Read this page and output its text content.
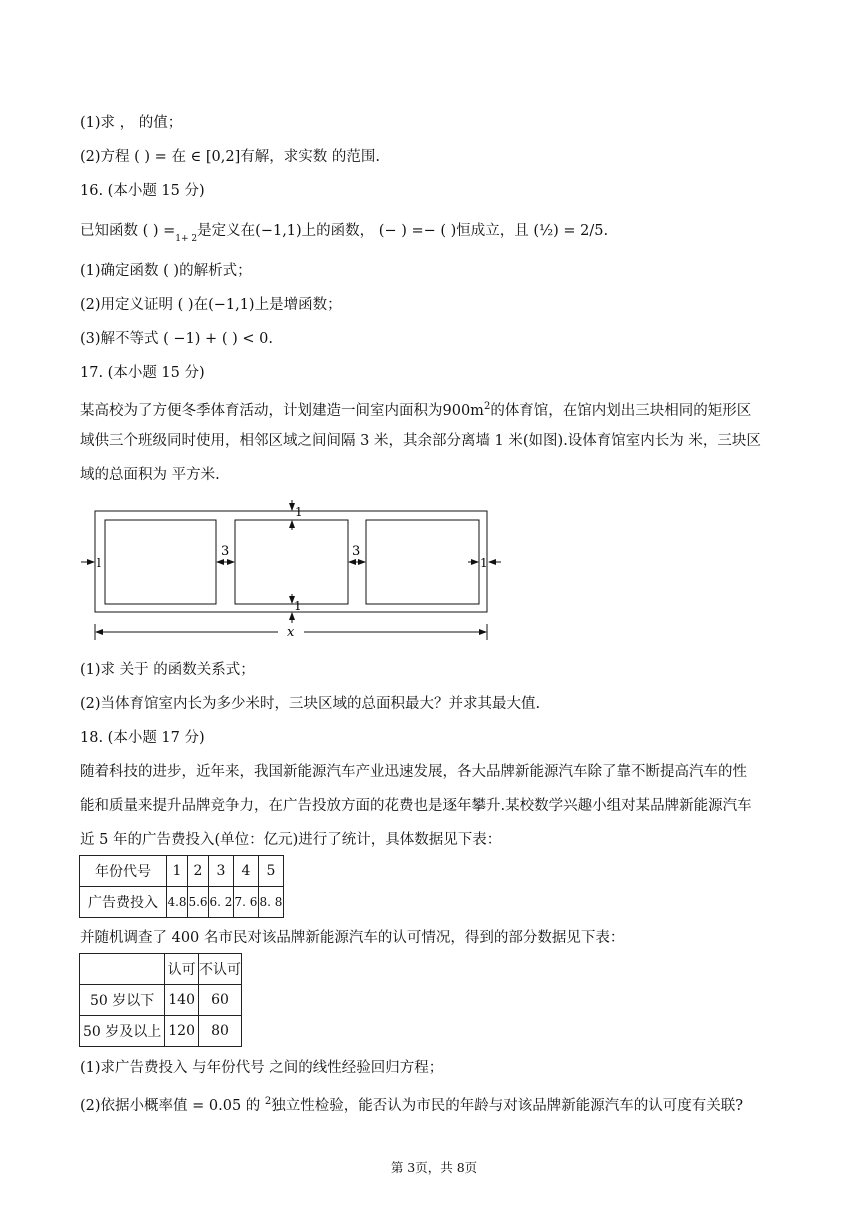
(1)求 ， 的值；
(2)方程 ( ) = 在 ∈ [0,2]有解，求实数 的范围.
16. (本小题 15 分)
已知函数 ( ) =1+ 2是定义在(−1,1)上的函数， (− ) =− ( )恒成立，且 (½) = 2/5.
(1)确定函数 ( )的解析式；
(2)用定义证明 ( )在(−1,1)上是增函数；
(3)解不等式 ( −1) + ( ) < 0.
17. (本小题 15 分)
某高校为了方便冬季体育活动，计划建造一间室内面积为$900m^2$的体育馆，在馆内划出三块相同的矩形区
域供三个班级同时使用，相邻区域之间间隔 3 米，其余部分离墙 1 米(如图).设体育馆室内长为 米，三块区
域的总面积为 平方米.
1
1
l
3	3
1
x
(1)求 关于 的函数关系式；
(2)当体育馆室内长为多少米时，三块区域的总面积最大？并求其最大值.
18. (本小题 17 分)
随着科技的进步，近年来，我国新能源汽车产业迅速发展，各大品牌新能源汽车除了靠不断提高汽车的性
能和质量来提升品牌竞争力，在广告投放方面的花费也是逐年攀升.某校数学兴趣小组对某品牌新能源汽车
近 5 年的广告费投入(单位：亿元)进行了统计，具体数据见下表：
年份代号	1	2	3	4	5
广告费投入	4.8	5.6	6. 2	7. 6	8. 8
并随机调查了 400 名市民对该品牌新能源汽车的认可情况，得到的部分数据见下表：
	认可	不认可
50 岁以下	140	60
50 岁及以上	120	80
(1)求广告费投入 与年份代号 之间的线性经验回归方程；
(2)依据小概率值 = 0.05 的 $^2$独立性检验，能否认为市民的年龄与对该品牌新能源汽车的认可度有关联?
第 3页，共 8页
